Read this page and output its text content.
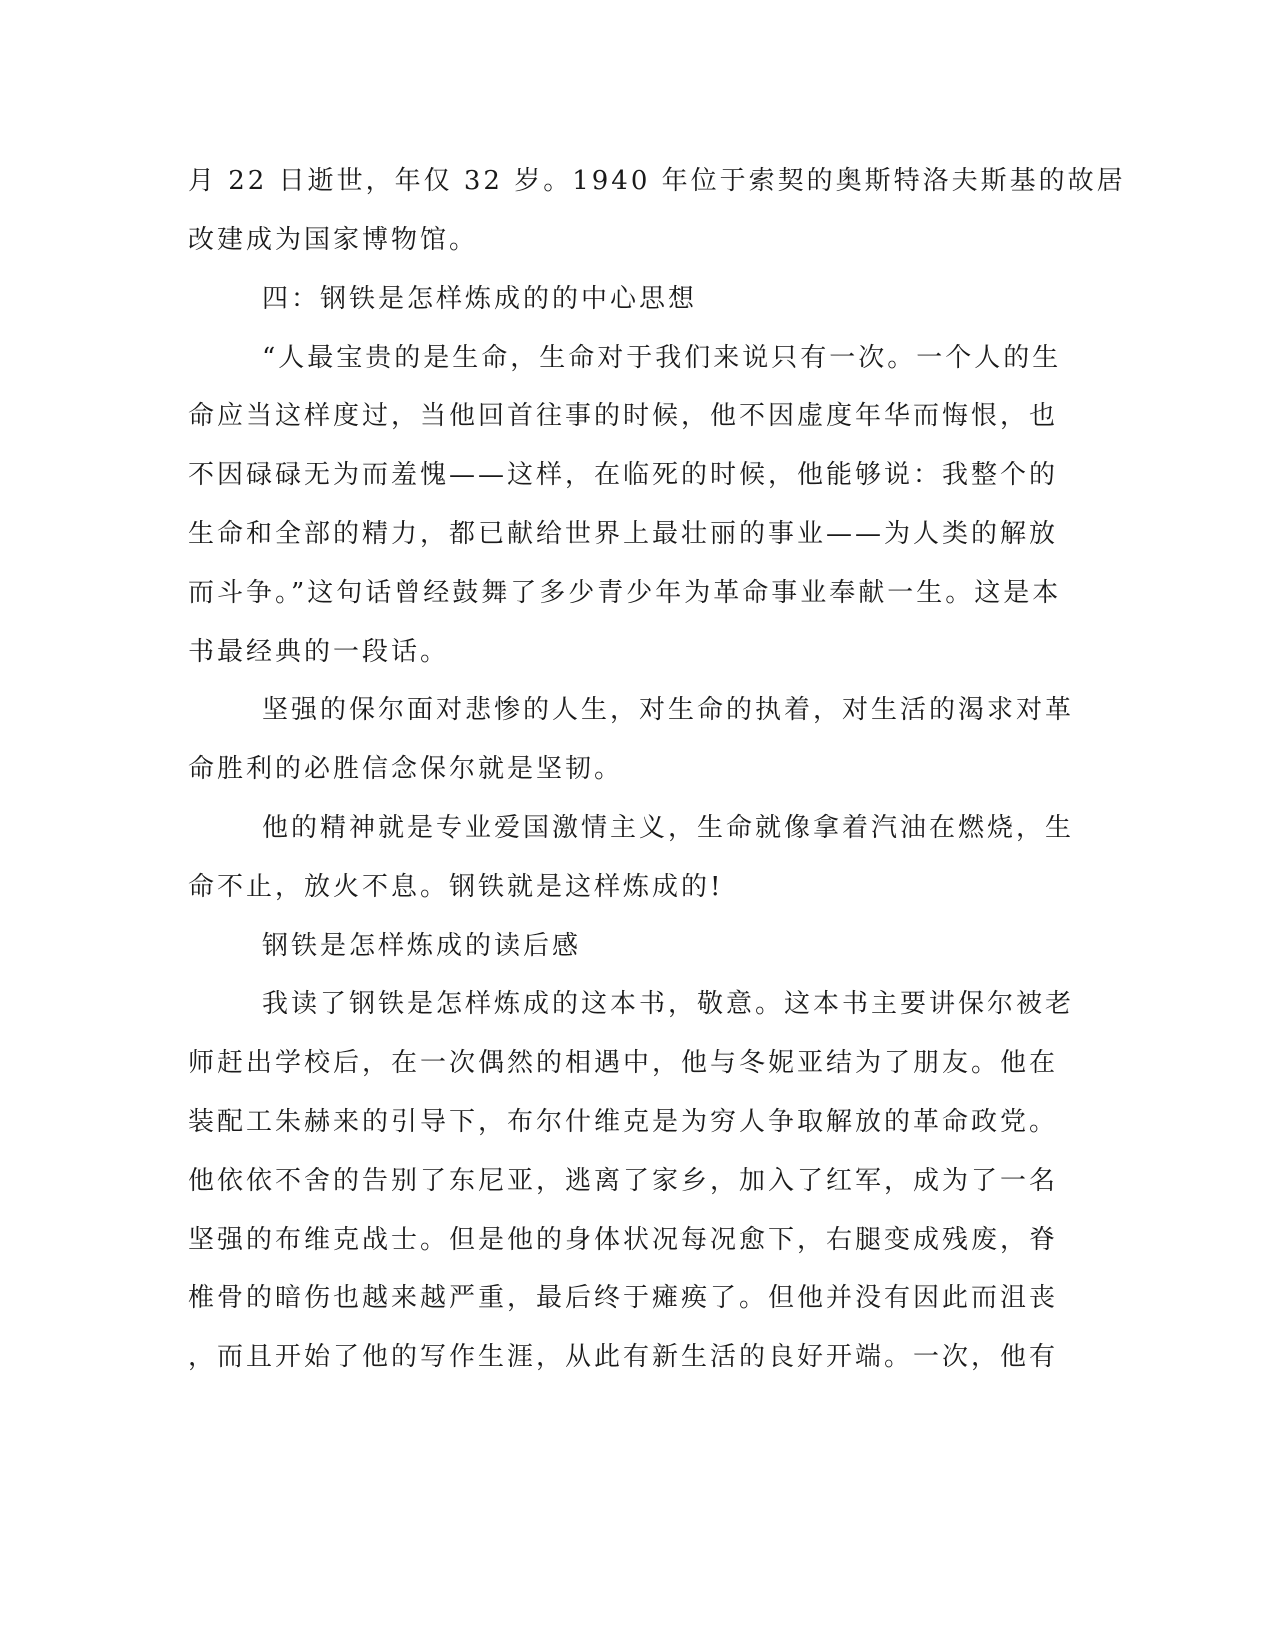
月 22 日逝世，年仅 32 岁。1940 年位于索契的奥斯特洛夫斯基的故居
改建成为国家博物馆。
四：钢铁是怎样炼成的的中心思想
“人最宝贵的是生命，生命对于我们来说只有一次。一个人的生
命应当这样度过，当他回首往事的时候，他不因虚度年华而悔恨，也
不因碌碌无为而羞愧——这样，在临死的时候，他能够说：我整个的
生命和全部的精力，都已献给世界上最壮丽的事业——为人类的解放
而斗争。”这句话曾经鼓舞了多少青少年为革命事业奉献一生。这是本
书最经典的一段话。
坚强的保尔面对悲惨的人生，对生命的执着，对生活的渴求对革
命胜利的必胜信念保尔就是坚韧。
他的精神就是专业爱国激情主义，生命就像拿着汽油在燃烧，生
命不止，放火不息。钢铁就是这样炼成的!
钢铁是怎样炼成的读后感
我读了钢铁是怎样炼成的这本书，敬意。这本书主要讲保尔被老
师赶出学校后，在一次偶然的相遇中，他与冬妮亚结为了朋友。他在
装配工朱赫来的引导下，布尔什维克是为穷人争取解放的革命政党。
他依依不舍的告别了东尼亚，逃离了家乡，加入了红军，成为了一名
坚强的布维克战士。但是他的身体状况每况愈下，右腿变成残废，脊
椎骨的暗伤也越来越严重，最后终于瘫痪了。但他并没有因此而沮丧
，而且开始了他的写作生涯，从此有新生活的良好开端。一次，他有
